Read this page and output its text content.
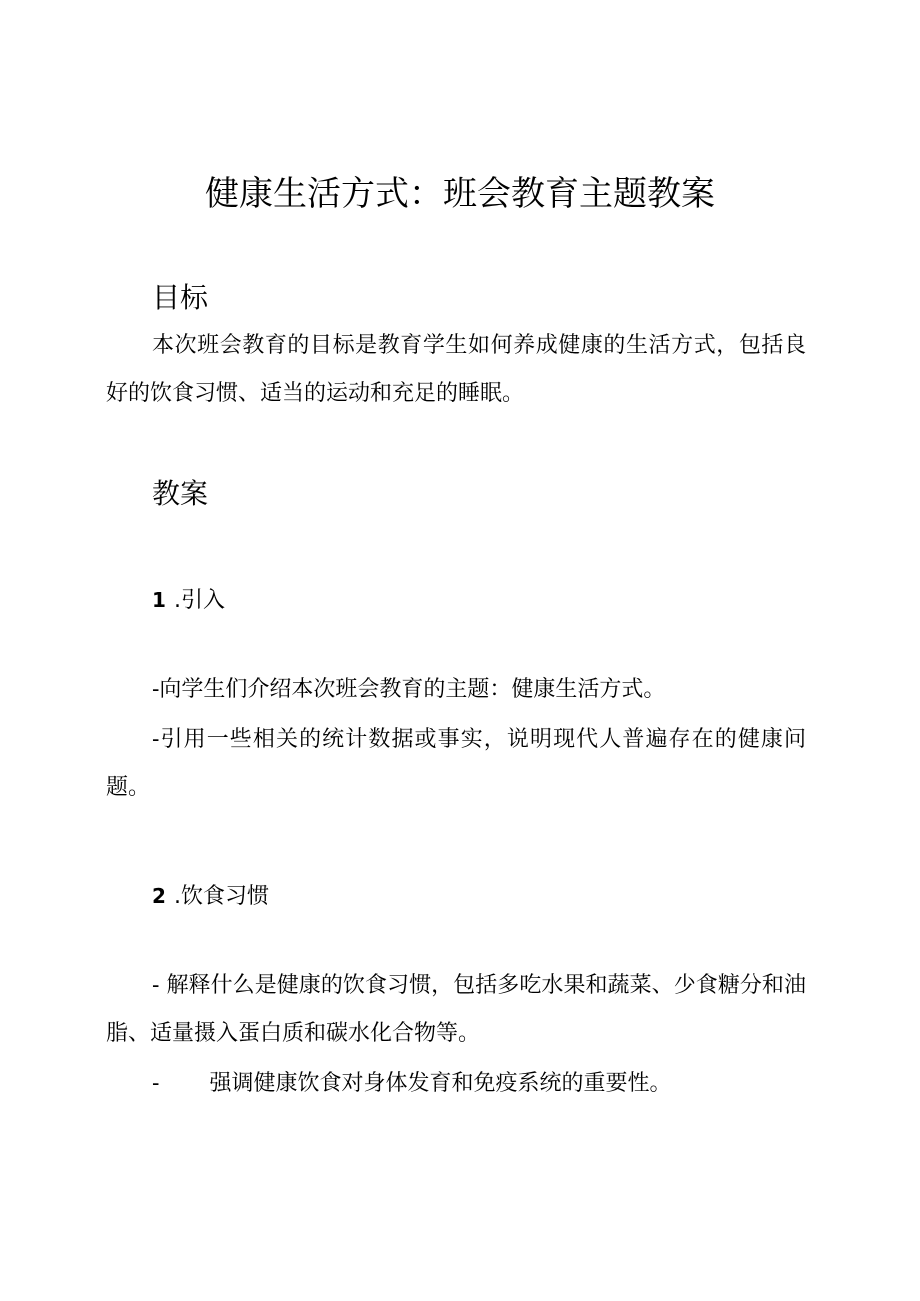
健康生活方式：班会教育主题教案
目标
本次班会教育的目标是教育学生如何养成健康的生活方式，包括良好的饮食习惯、适当的运动和充足的睡眠。
教案
1 .引入
-向学生们介绍本次班会教育的主题：健康生活方式。
-引用一些相关的统计数据或事实，说明现代人普遍存在的健康问题。
2 .饮食习惯
- 解释什么是健康的饮食习惯，包括多吃水果和蔬菜、少食糖分和油脂、适量摄入蛋白质和碳水化合物等。
- 强调健康饮食对身体发育和免疫系统的重要性。
